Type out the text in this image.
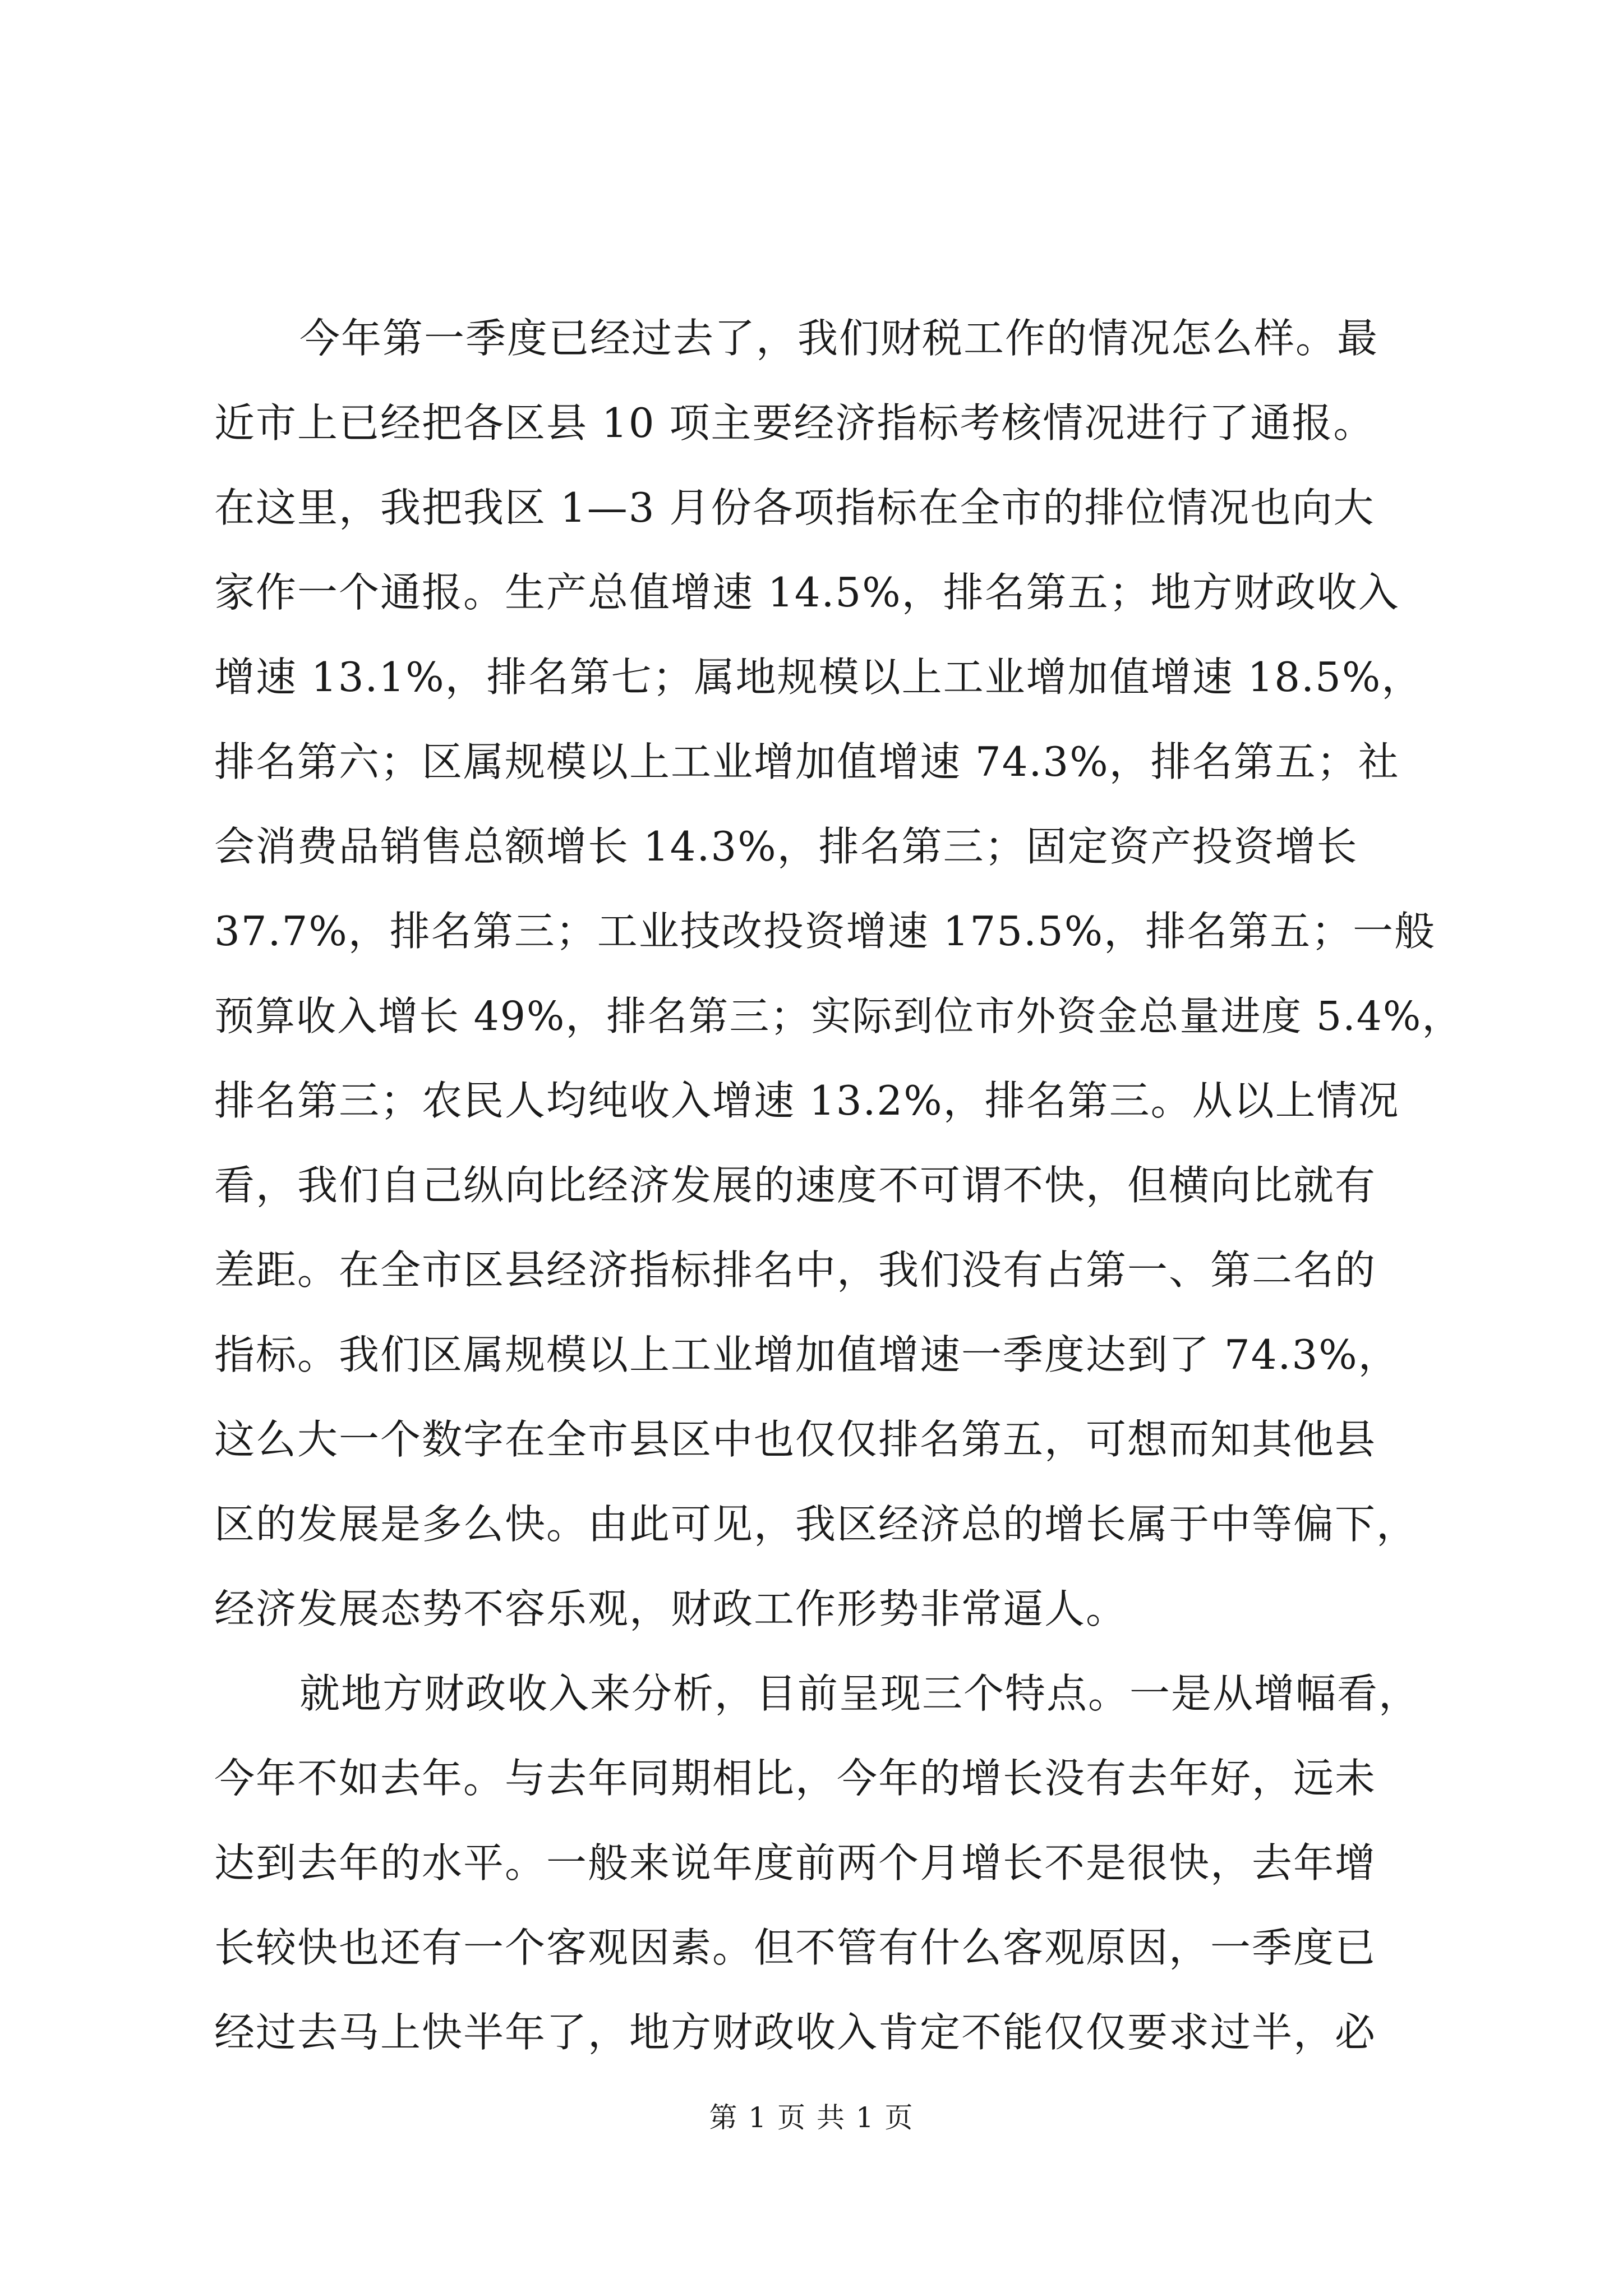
今年第一季度已经过去了，我们财税工作的情况怎么样。最
近市上已经把各区县 10 项主要经济指标考核情况进行了通报。
在这里，我把我区 1—3 月份各项指标在全市的排位情况也向大
家作一个通报。生产总值增速 14.5%，排名第五；地方财政收入
增速 13.1%，排名第七；属地规模以上工业增加值增速 18.5%，
排名第六；区属规模以上工业增加值增速 74.3%，排名第五；社
会消费品销售总额增长 14.3%，排名第三；固定资产投资增长
37.7%，排名第三；工业技改投资增速 175.5%，排名第五；一般
预算收入增长 49%，排名第三；实际到位市外资金总量进度 5.4%，
排名第三；农民人均纯收入增速 13.2%，排名第三。从以上情况
看，我们自己纵向比经济发展的速度不可谓不快，但横向比就有
差距。在全市区县经济指标排名中，我们没有占第一、第二名的
指标。我们区属规模以上工业增加值增速一季度达到了 74.3%，
这么大一个数字在全市县区中也仅仅排名第五，可想而知其他县
区的发展是多么快。由此可见，我区经济总的增长属于中等偏下，
经济发展态势不容乐观，财政工作形势非常逼人。
就地方财政收入来分析，目前呈现三个特点。一是从增幅看，
今年不如去年。与去年同期相比，今年的增长没有去年好，远未
达到去年的水平。一般来说年度前两个月增长不是很快，去年增
长较快也还有一个客观因素。但不管有什么客观原因，一季度已
经过去马上快半年了，地方财政收入肯定不能仅仅要求过半，必
第 1 页 共 1 页
